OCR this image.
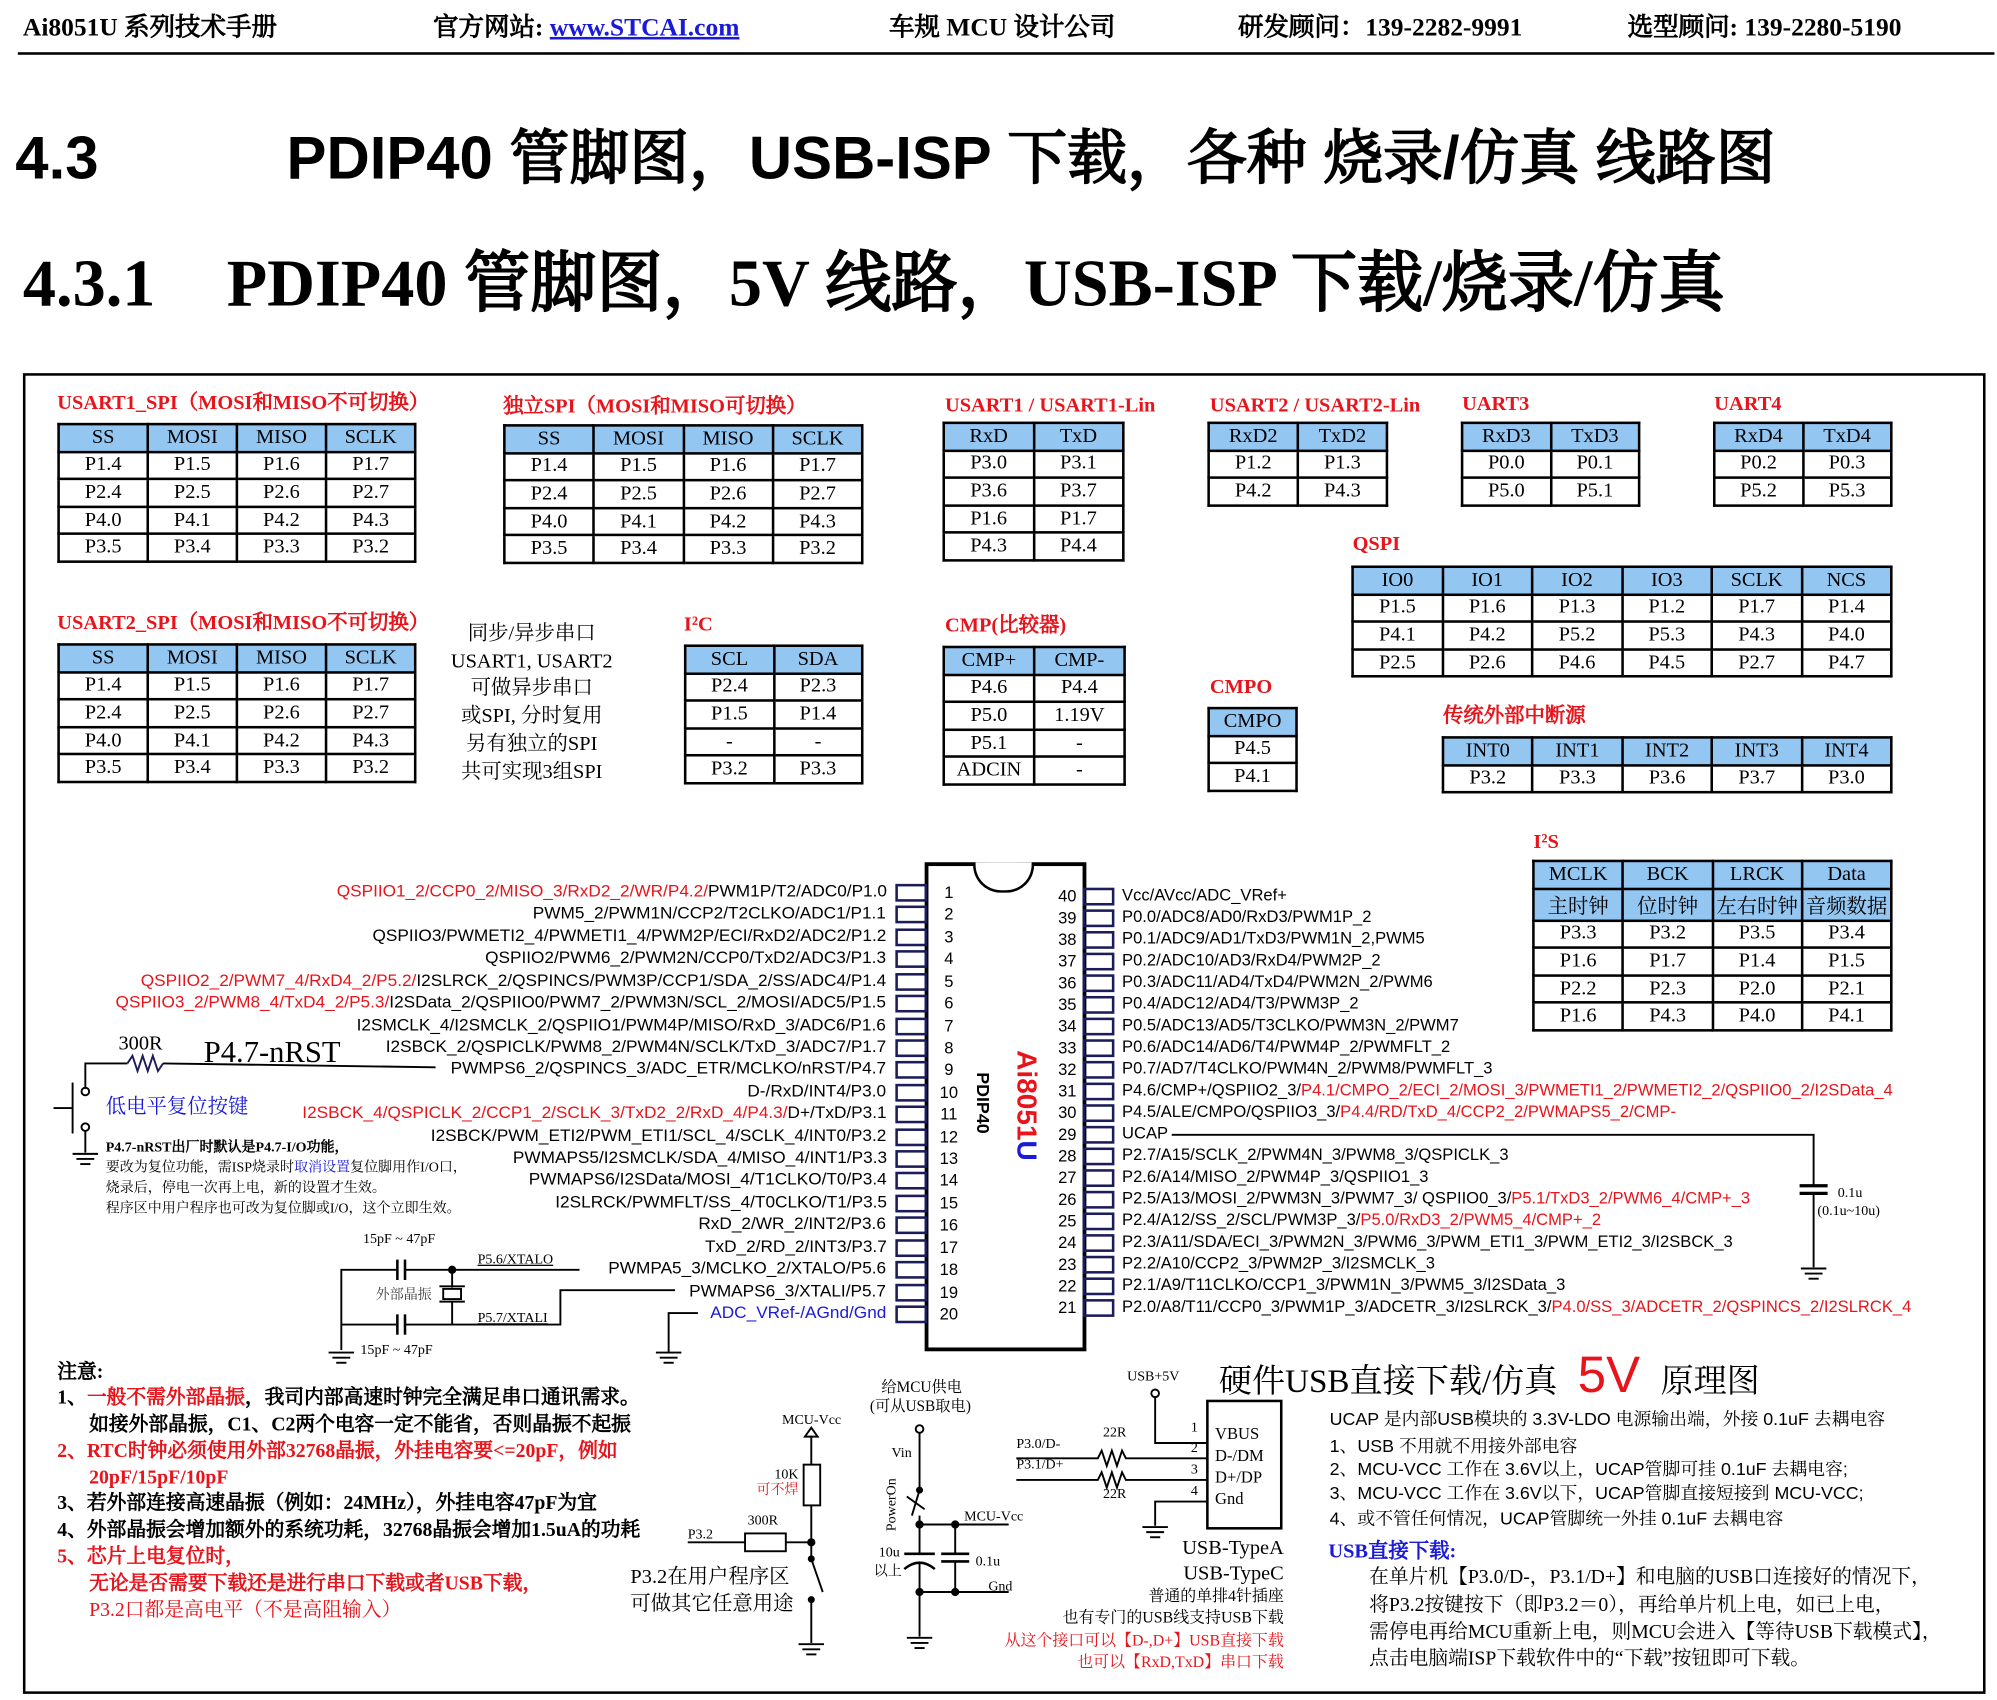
Ai8051U 系列技术手册	官方网站: www.STCAI.com	车规 MCU 设计公司	研发顾问：139-2282-9991	选型顾问: 139-2280-5190
4.3	PDIP40 管脚图，USB-ISP 下载，各种 烧录/仿真 线路图
4.3.1 PDIP40 管脚图，5V 线路，USB-ISP 下载/烧录/仿真
USART1_SPI（MOSI和MISO不可切换）	独立SPI（MOSI和MISO可切换）	USART1 / USART1-Lin	USART2 / USART2-Lin	UART3	UART4
QSPI
USART2_SPI（MOSI和MISO不可切换）	I²C	CMP(比较器)
CMPO
传统外部中断源
I²S
SS	MOSI	MISO	SCLK
P1.4	P1.5	P1.6	P1.7
P2.4	P2.5	P2.6	P2.7
P4.0	P4.1	P4.2	P4.3
P3.5	P3.4	P3.3	P3.2
SS	MOSI	MISO	SCLK
P1.4	P1.5	P1.6	P1.7
P2.4	P2.5	P2.6	P2.7
P4.0	P4.1	P4.2	P4.3
P3.5	P3.4	P3.3	P3.2
RxD	TxD
P3.0	P3.1
P3.6	P3.7
P1.6	P1.7
P4.3	P4.4
RxD2	TxD2
P1.2	P1.3
P4.2	P4.3
RxD3	TxD3
P0.0	P0.1
P5.0	P5.1
RxD4	TxD4
P0.2	P0.3
P5.2	P5.3
IO0	IO1	IO2	IO3	SCLK	NCS
P1.5	P1.6	P1.3	P1.2	P1.7	P1.4
P4.1	P4.2	P5.2	P5.3	P4.3	P4.0
P2.5	P2.6	P4.6	P4.5	P2.7	P4.7
SS	MOSI	MISO	SCLK
P1.4	P1.5	P1.6	P1.7
P2.4	P2.5	P2.6	P2.7
P4.0	P4.1	P4.2	P4.3
P3.5	P3.4	P3.3	P3.2
SCL	SDA
P2.4	P2.3
P1.5	P1.4
-	-
P3.2	P3.3
CMP+	CMP-
P4.6	P4.4
P5.0	1.19V
P5.1	-
ADCIN	-
CMPO
P4.5
P4.1
INT0	INT1	INT2	INT3	INT4
P3.2	P3.3	P3.6	P3.7	P3.0
MCLK	BCK	LRCK	Data
主时钟	位时钟	左右时钟	音频数据
P3.3	P3.2	P3.5	P3.4
P1.6	P1.7	P1.4	P1.5
P2.2	P2.3	P2.0	P2.1
P1.6	P4.3	P4.0	P4.1
同步/异步串口
USART1, USART2
可做异步串口
或SPI, 分时复用
另有独立的SPI
共可实现3组SPI
Ai8051U
PDIP40
1
QSPIIO1_2/CCP0_2/MISO_3/RxD2_2/WR/P4.2/PWM1P/T2/ADC0/P1.0
2
PWM5_2/PWM1N/CCP2/T2CLKO/ADC1/P1.1
3
QSPIIO3/PWMETI2_4/PWMETI1_4/PWM2P/ECI/RxD2/ADC2/P1.2
4
QSPIIO2/PWM6_2/PWM2N/CCP0/TxD2/ADC3/P1.3
5
QSPIIO2_2/PWM7_4/RxD4_2/P5.2/I2SLRCK_2/QSPINCS/PWM3P/CCP1/SDA_2/SS/ADC4/P1.4
6
QSPIIO3_2/PWM8_4/TxD4_2/P5.3/I2SData_2/QSPIIO0/PWM7_2/PWM3N/SCL_2/MOSI/ADC5/P1.5
7
I2SMCLK_4/I2SMCLK_2/QSPIIO1/PWM4P/MISO/RxD_3/ADC6/P1.6
8
I2SBCK_2/QSPICLK/PWM8_2/PWM4N/SCLK/TxD_3/ADC7/P1.7
9
PWMPS6_2/QSPINCS_3/ADC_ETR/MCLKO/nRST/P4.7
10
D-/RxD/INT4/P3.0
11
I2SBCK_4/QSPICLK_2/CCP1_2/SCLK_3/TxD2_2/RxD_4/P4.3/D+/TxD/P3.1
12
I2SBCK/PWM_ETI2/PWM_ETI1/SCL_4/SCLK_4/INT0/P3.2
13
PWMAPS5/I2SMCLK/SDA_4/MISO_4/INT1/P3.3
14
PWMAPS6/I2SData/MOSI_4/T1CLKO/T0/P3.4
15
I2SLRCK/PWMFLT/SS_4/T0CLKO/T1/P3.5
16
RxD_2/WR_2/INT2/P3.6
17
TxD_2/RD_2/INT3/P3.7
18
PWMPA5_3/MCLKO_2/XTALO/P5.6
19
PWMAPS6_3/XTALI/P5.7
20
ADC_VRef-/AGnd/Gnd
40	Vcc/AVcc/ADC_VRef+
39	P0.0/ADC8/AD0/RxD3/PWM1P_2
38	P0.1/ADC9/AD1/TxD3/PWM1N_2,PWM5
37	P0.2/ADC10/AD3/RxD4/PWM2P_2
36	P0.3/ADC11/AD4/TxD4/PWM2N_2/PWM6
35	P0.4/ADC12/AD4/T3/PWM3P_2
34	P0.5/ADC13/AD5/T3CLKO/PWM3N_2/PWM7
33	P0.6/ADC14/AD6/T4/PWM4P_2/PWMFLT_2
32	P0.7/AD7/T4CLKO/PWM4N_2/PWM8/PWMFLT_3
31	P4.6/CMP+/QSPIIO2_3/P4.1/CMPO_2/ECI_2/MOSI_3/PWMETI1_2/PWMETI2_2/QSPIIO0_2/I2SData_4
30	P4.5/ALE/CMPO/QSPIIO3_3/P4.4/RD/TxD_4/CCP2_2/PWMAPS5_2/CMP-
29	UCAP
28	P2.7/A15/SCLK_2/PWM4N_3/PWM8_3/QSPICLK_3
27	P2.6/A14/MISO_2/PWM4P_3/QSPIIO1_3
26	P2.5/A13/MOSI_2/PWM3N_3/PWM7_3/ QSPIIO0_3/P5.1/TxD3_2/PWM6_4/CMP+_3
25	P2.4/A12/SS_2/SCL/PWM3P_3/P5.0/RxD3_2/PWM5_4/CMP+_2
24	P2.3/A11/SDA/ECI_3/PWM2N_3/PWM6_3/PWM_ETI1_3/PWM_ETI2_3/I2SBCK_3
23	P2.2/A10/CCP2_3/PWM2P_3/I2SMCLK_3
22	P2.1/A9/T11CLKO/CCP1_3/PWM1N_3/PWM5_3/I2SData_3
21	P2.0/A8/T11/CCP0_3/PWM1P_3/ADCETR_3/I2SLRCK_3/P4.0/SS_3/ADCETR_2/QSPINCS_2/I2SLRCK_4
300R P4.7-nRST
低电平复位按键
P4.7-nRST出厂时默认是P4.7-I/O功能，
要改为复位功能，需ISP烧录时取消设置复位脚用作I/O口，
烧录后，停电一次再上电，新的设置才生效。
程序区中用户程序也可改为复位脚或I/O，这个立即生效。
15pF ~ 47pF
P5.6/XTALO
外部晶振
P5.7/XTALI
15pF ~ 47pF
0.1u
(0.1u~10u)
注意:
1、一般不需外部晶振，我司内部高速时钟完全满足串口通讯需求。
如接外部晶振，C1、C2两个电容一定不能省，否则晶振不起振
2、RTC时钟必须使用外部32768晶振，外挂电容要<=20pF，例如
20pF/15pF/10pF
3、若外部连接高速晶振（例如：24MHz），外挂电容47pF为宜
4、外部晶振会增加额外的系统功耗，32768晶振会增加1.5uA的功耗
5、芯片上电复位时，
无论是否需要下载还是进行串口下载或者USB下载，
P3.2口都是高电平（不是高阻输入）
MCU-Vcc
10K
可不焊
300R
P3.2
P3.2在用户程序区
可做其它任意用途
给MCU供电
(可从USB取电)
Vin
PowerOn	MCU-Vcc
10u
以上
0.1u
Gnd
硬件USB直接下载/仿真 5V 原理图
USB+5V
P3.0/D-
P3.1/D+
22R
22R
1
2
3
4
VBUS
D-/DM
D+/DP
Gnd
USB-TypeA
USB-TypeC
普通的单排4针插座
也有专门的USB线支持USB下载
从这个接口可以【D-,D+】USB直接下载
也可以【RxD,TxD】串口下载
UCAP 是内部USB模块的 3.3V-LDO 电源输出端，外接 0.1uF 去耦电容
1、USB 不用就不用接外部电容
2、MCU-VCC 工作在 3.6V以上，UCAP管脚可挂 0.1uF 去耦电容;
3、MCU-VCC 工作在 3.6V以下，UCAP管脚直接短接到 MCU-VCC;
4、或不管任何情况，UCAP管脚统一外挂 0.1uF 去耦电容
USB直接下载:
在单片机【P3.0/D-，P3.1/D+】和电脑的USB口连接好的情况下，
将P3.2按键按下（即P3.2＝0），再给单片机上电，如已上电，
需停电再给MCU重新上电，则MCU会进入【等待USB下载模式】，
点击电脑端ISP下载软件中的“下载”按钮即可下载。
